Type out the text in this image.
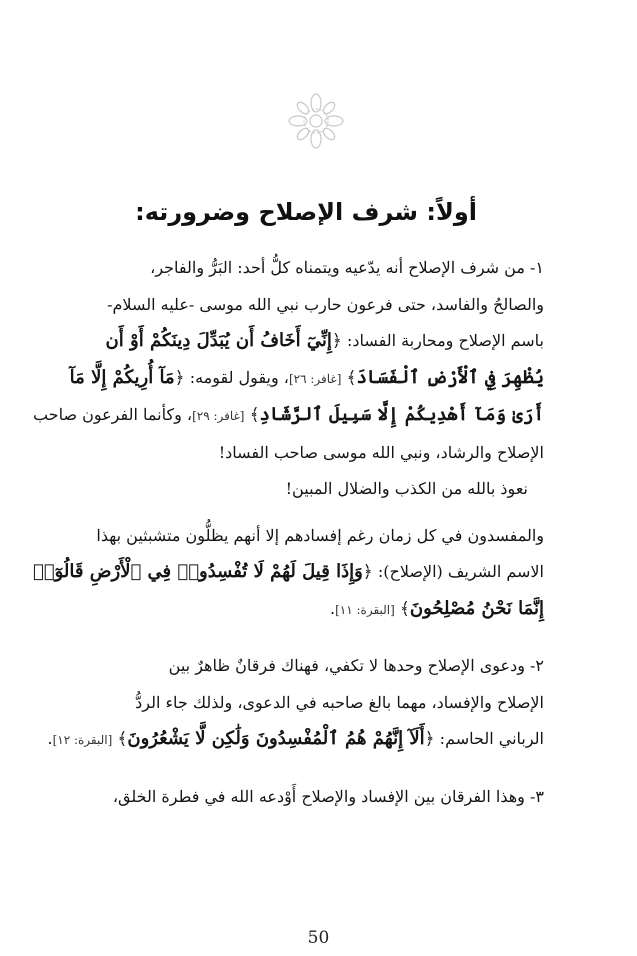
أولاً: شرف الإصلاح وضرورته:

١- من شرف الإصلاح أنه يدّعيه ويتمناه كلُّ أحد: البَرُّ والفاجر،

والصالحُ والفاسد، حتى فرعون حارب نبي الله موسى -عليه السلام-

باسم الإصلاح ومحاربة الفساد: ﴿إِنِّيٓ أَخَافُ أَن يُبَدِّلَ دِينَكُمْ أَوْ أَن

يُظْهِرَ فِي ٱلْأَرْضِ ٱلْفَسَادَ﴾ [غافر: ٢٦]، ويقول لقومه: ﴿مَآ أُرِيكُمْ إِلَّا مَآ

أَرَىٰ وَمَآ أَهْدِيكُمْ إِلَّا سَبِيلَ ٱلرَّشَادِ﴾ [غافر: ٢٩]، وكأنما الفرعون صاحب

الإصلاح والرشاد، ونبي الله موسى صاحب الفساد!

نعوذ بالله من الكذب والضلال المبين!

والمفسدون في كل زمان رغم إفسادهم إلا أنهم يظلُّون متشبثين بهذا

الاسم الشريف (الإصلاح): ﴿وَإِذَا قِيلَ لَهُمْ لَا تُفْسِدُوا۟ فِي ٱلْأَرْضِ قَالُوٓا۟

إِنَّمَا نَحْنُ مُصْلِحُونَ﴾ [البقرة: ١١].

٢- ودعوى الإصلاح وحدها لا تكفي، فهناك فرقانٌ ظاهرٌ بين

الإصلاح والإفساد، مهما بالغ صاحبه في الدعوى، ولذلك جاء الردُّ

الرباني الحاسم: ﴿أَلَآ إِنَّهُمْ هُمُ ٱلْمُفْسِدُونَ وَلَٰكِن لَّا يَشْعُرُونَ﴾ [البقرة: ١٢].

٣- وهذا الفرقان بين الإفساد والإصلاح أَوْدعه الله في فطرة الخلق،

50
